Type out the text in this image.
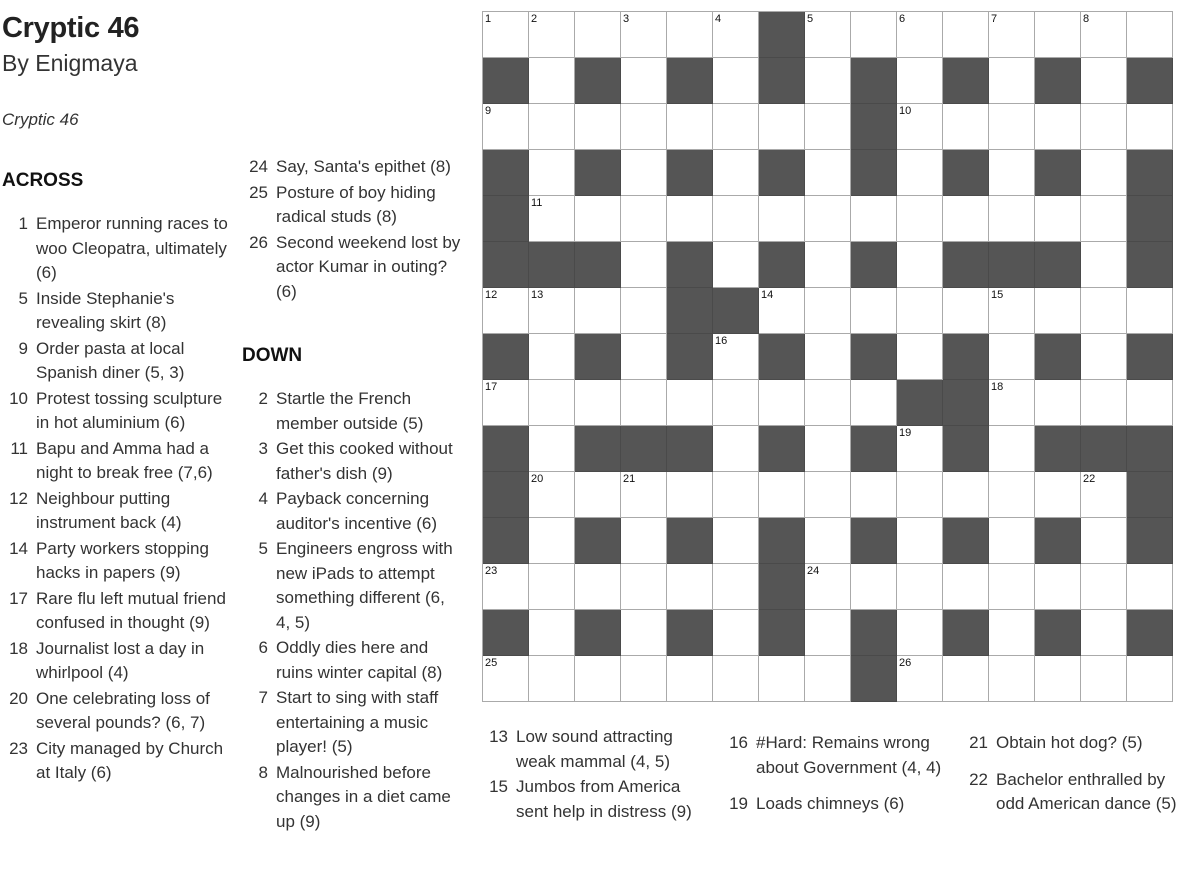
Cryptic 46
By Enigmaya
Cryptic 46
ACROSS
1 Emperor running races to woo Cleopatra, ultimately (6)
5 Inside Stephanie's revealing skirt (8)
9 Order pasta at local Spanish diner (5, 3)
10 Protest tossing sculpture in hot aluminium (6)
11 Bapu and Amma had a night to break free (7,6)
12 Neighbour putting instrument back (4)
14 Party workers stopping hacks in papers (9)
17 Rare flu left mutual friend confused in thought (9)
18 Journalist lost a day in whirlpool (4)
20 One celebrating loss of several pounds? (6, 7)
23 City managed by Church at Italy (6)
24 Say, Santa's epithet (8)
25 Posture of boy hiding radical studs (8)
26 Second weekend lost by actor Kumar in outing? (6)
DOWN
2 Startle the French member outside (5)
3 Get this cooked without father's dish (9)
4 Payback concerning auditor's incentive (6)
5 Engineers engross with new iPads to attempt something different (6, 4, 5)
6 Oddly dies here and ruins winter capital (8)
7 Start to sing with staff entertaining a music player! (5)
8 Malnourished before changes in a diet came up (9)
13 Low sound attracting weak mammal (4, 5)
15 Jumbos from America sent help in distress (9)
16 #Hard: Remains wrong about Government (4, 4)
19 Loads chimneys (6)
21 Obtain hot dog? (5)
22 Bachelor enthralled by odd American dance (5)
1	2	3	4	5	6	7	8
9	10
11
12	13	14	15
16
17	18
19
20	21	22
23	24
25	26
